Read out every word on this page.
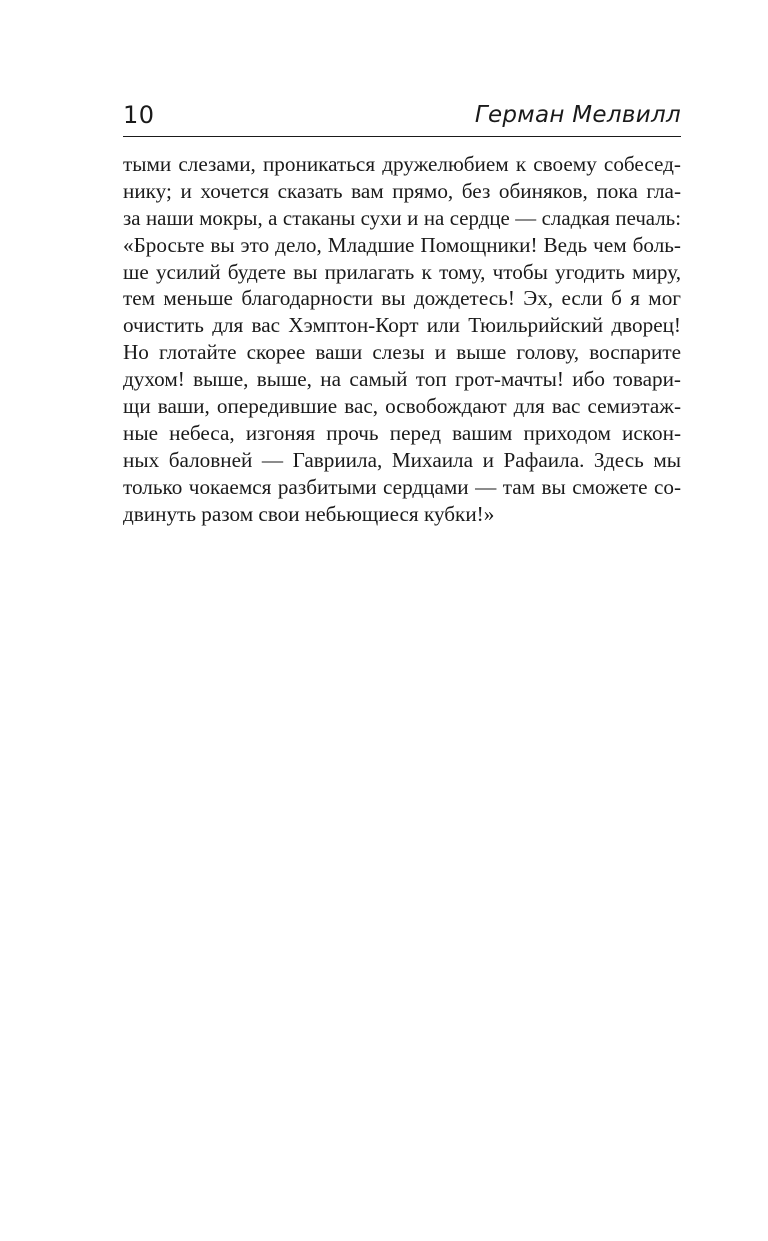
10	Герман Мелвилл
тыми слезами, проникаться дружелюбием к своему собесед-
нику; и хочется сказать вам прямо, без обиняков, пока гла-
за наши мокры, а стаканы сухи и на сердце — сладкая печаль:
«Бросьте вы это дело, Младшие Помощники! Ведь чем боль-
ше усилий будете вы прилагать к тому, чтобы угодить миру,
тем меньше благодарности вы дождетесь! Эх, если б я мог
очистить для вас Хэмптон-Корт или Тюильрийский дворец!
Но глотайте скорее ваши слезы и выше голову, воспарите
духом! выше, выше, на самый топ грот-мачты! ибо товари-
щи ваши, опередившие вас, освобождают для вас семиэтаж-
ные небеса, изгоняя прочь перед вашим приходом искон-
ных баловней — Гавриила, Михаила и Рафаила. Здесь мы
только чокаемся разбитыми сердцами — там вы сможете со-
двинуть разом свои небьющиеся кубки!»
